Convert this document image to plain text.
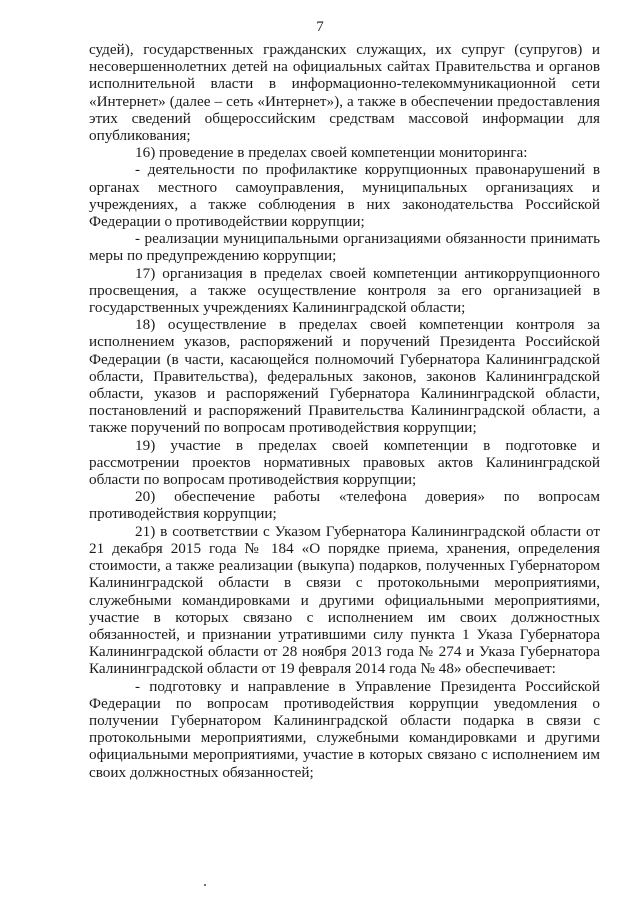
7

судей), государственных гражданских служащих, их супруг (супругов) и несовершеннолетних детей на официальных сайтах Правительства и органов исполнительной власти в информационно-телекоммуникационной сети «Интернет» (далее – сеть «Интернет»), а также в обеспечении предоставления этих сведений общероссийским средствам массовой информации для опубликования;

16) проведение в пределах своей компетенции мониторинга:

- деятельности по профилактике коррупционных правонарушений в органах местного самоуправления, муниципальных организациях и учреждениях, а также соблюдения в них законодательства Российской Федерации о противодействии коррупции;

- реализации муниципальными организациями обязанности принимать меры по предупреждению коррупции;

17) организация в пределах своей компетенции антикоррупционного просвещения, а также осуществление контроля за его организацией в государственных учреждениях Калининградской области;

18) осуществление в пределах своей компетенции контроля за исполнением указов, распоряжений и поручений Президента Российской Федерации (в части, касающейся полномочий Губернатора Калининградской области, Правительства), федеральных законов, законов Калининградской области, указов и распоряжений Губернатора Калининградской области, постановлений и распоряжений Правительства Калининградской области, а также поручений по вопросам противодействия коррупции;

19) участие в пределах своей компетенции в подготовке и рассмотрении проектов нормативных правовых актов Калининградской области по вопросам противодействия коррупции;

20) обеспечение работы «телефона доверия» по вопросам противодействия коррупции;

21) в соответствии с Указом Губернатора Калининградской области от 21 декабря 2015 года № 184 «О порядке приема, хранения, определения стоимости, а также реализации (выкупа) подарков, полученных Губернатором Калининградской области в связи с протокольными мероприятиями, служебными командировками и другими официальными мероприятиями, участие в которых связано с исполнением им своих должностных обязанностей, и признании утратившими силу пункта 1 Указа Губернатора Калининградской области от 28 ноября 2013 года № 274 и Указа Губернатора Калининградской области от 19 февраля 2014 года № 48» обеспечивает:

- подготовку и направление в Управление Президента Российской Федерации по вопросам противодействия коррупции уведомления о получении Губернатором Калининградской области подарка в связи с протокольными мероприятиями, служебными командировками и другими официальными мероприятиями, участие в которых связано с исполнением им своих должностных обязанностей;
